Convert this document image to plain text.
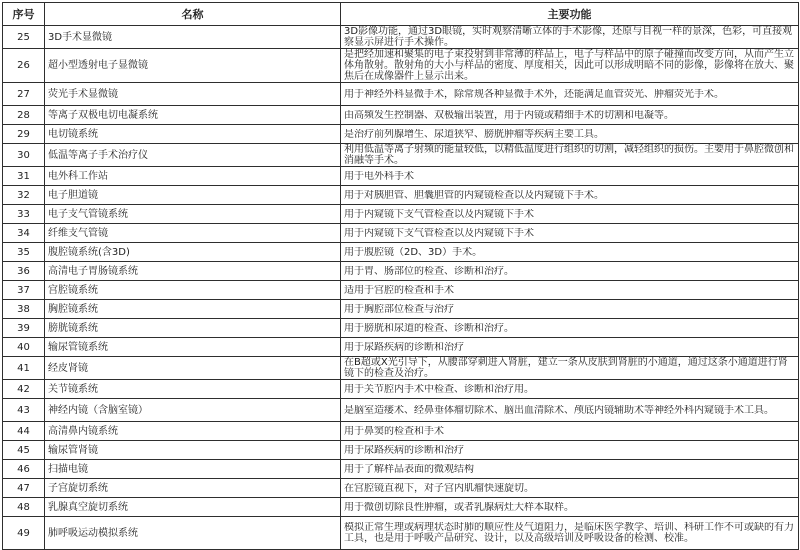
序号	名称	主要功能
25	3D手术显微镜	3D影像功能，通过3D眼镜，实时观察清晰立体的手术影像，还原与目视一样的景深，色彩，可直接观察显示屏进行手术操作。

26	超小型透射电子显微镜	是把经加速和聚集的电子束投射到非常薄的样品上，电子与样品中的原子碰撞而改变方向，从而产生立体角散射。散射角的大小与样品的密度、厚度相关，因此可以形成明暗不同的影像，影像将在放大、聚焦后在成像器件上显示出来。

27	荧光手术显微镜	用于神经外科显微手术，除常规各种显微手术外，还能满足血管荧光、肿瘤荧光手术。

28	等离子双极电切电凝系统	由高频发生控制器、双极输出装置，用于内镜或精细手术的切割和电凝等。

29	电切镜系统	是治疗前列腺增生、尿道狭窄、膀胱肿瘤等疾病主要工具。

30	低温等离子手术治疗仪	利用低温等离子射频的能量较低，以精低温度进行组织的切割，减轻组织的损伤。主要用于鼻腔微创和消融等手术。

31	电外科工作站	用于电外科手术

32	电子胆道镜	用于对胰胆管、胆囊胆管的内窥镜检查以及内窥镜下手术。

33	电子支气管镜系统	用于内窥镜下支气管检查以及内窥镜下手术

34	纤维支气管镜	用于内窥镜下支气管检查以及内窥镜下手术

35	腹腔镜系统(含3D)	用于腹腔镜（2D、3D）手术。

36	高清电子胃肠镜系统	用于胃、肠部位的检查、诊断和治疗。

37	宫腔镜系统	适用于宫腔的检查和手术

38	胸腔镜系统	用于胸腔部位检查与治疗

39	膀胱镜系统	用于膀胱和尿道的检查、诊断和治疗。

40	输尿管镜系统	用于尿路疾病的诊断和治疗

41	经皮肾镜	在B超或X光引导下，从腰部穿刺进入肾脏，建立一条从皮肤到肾脏的小通道，通过这条小通道进行肾镜下的检查及治疗。

42	关节镜系统	用于关节腔内手术中检查、诊断和治疗用。

43	神经内镜（含脑室镜）	是脑室造瘘术、经鼻垂体瘤切除术、脑出血清除术、颅底内镜辅助术等神经外科内窥镜手术工具。

44	高清鼻内镜系统	用于鼻窦的检查和手术

45	输尿管肾镜	用于尿路疾病的诊断和治疗

46	扫描电镜	用于了解样品表面的微观结构

47	子宫旋切系统	在宫腔镜直视下，对子宫内肌瘤快速旋切。

48	乳腺真空旋切系统	用于微创切除良性肿瘤，或者乳腺病灶大样本取样。

49	肺呼吸运动模拟系统	模拟正常生理或病理状态时肺的顺应性及气道阻力，是临床医学教学、培训、科研工作不可或缺的有力工具，也是用于呼吸产品研究、设计，以及高级培训及呼吸设备的检测、校准。
